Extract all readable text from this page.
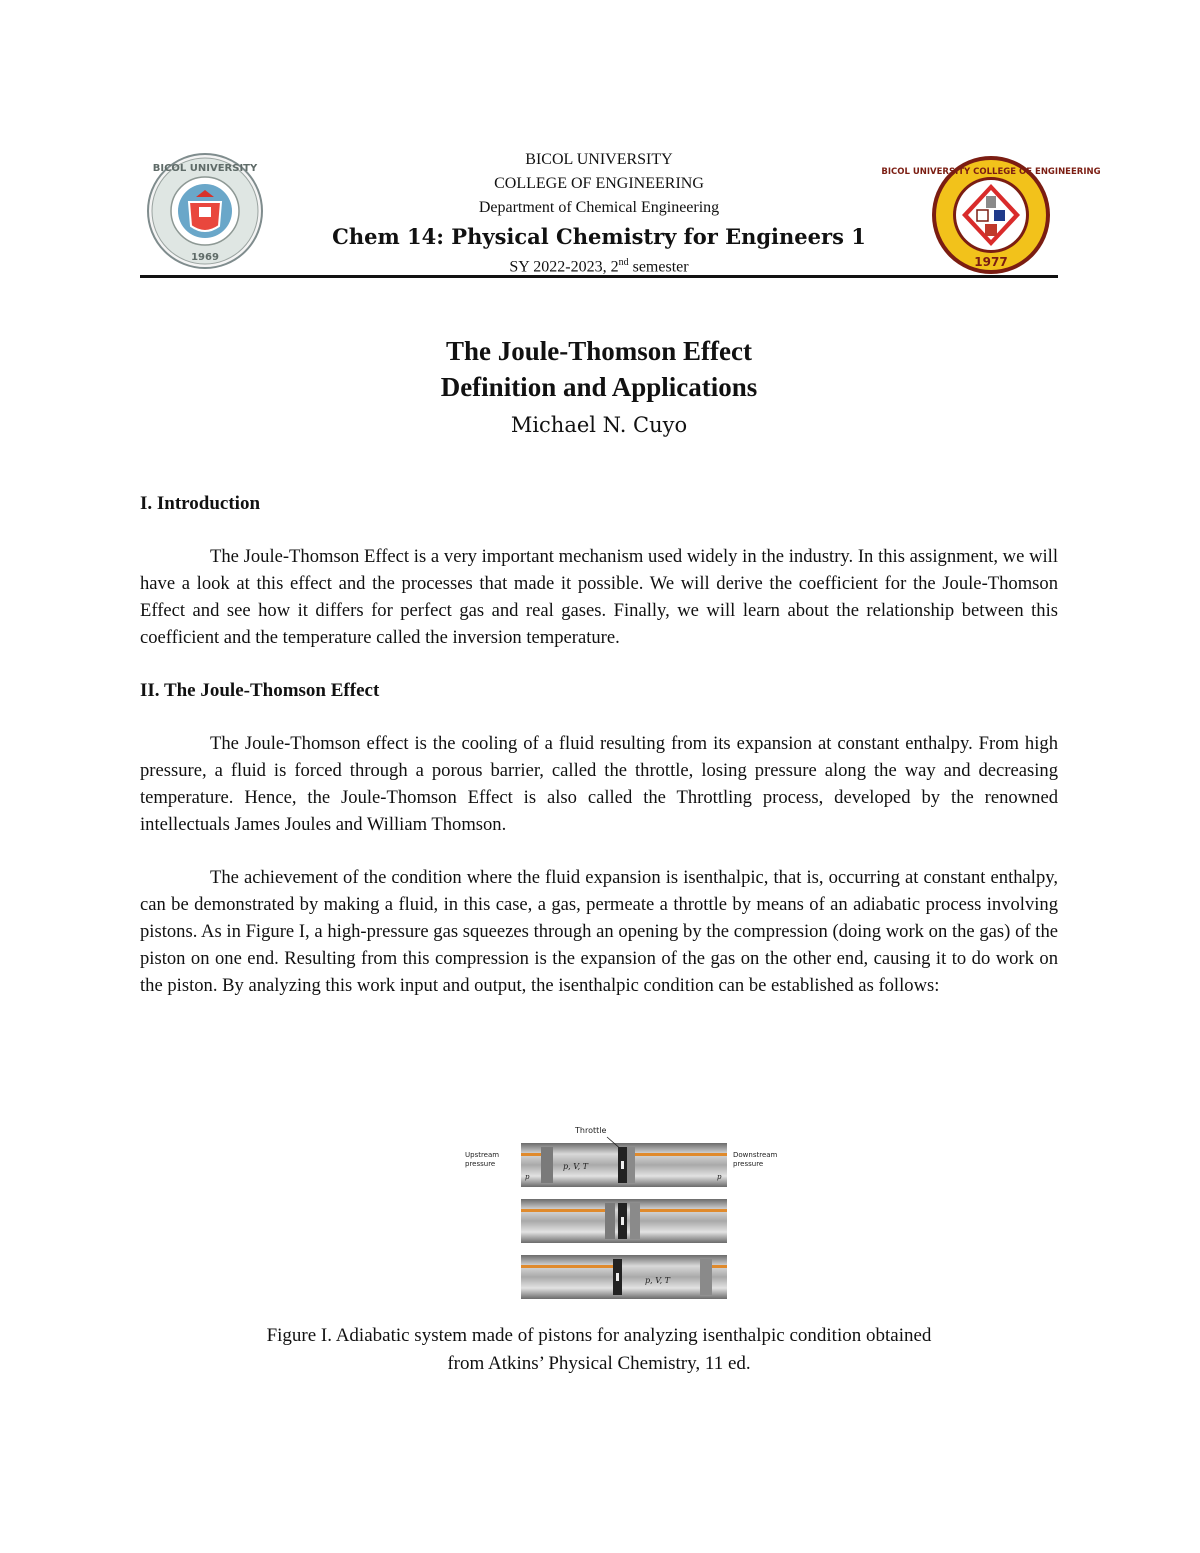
BICOL UNIVERSITY
1969

BICOL UNIVERSITY

COLLEGE OF ENGINEERING

Department of Chemical Engineering

Chem 14: Physical Chemistry for Engineers 1

SY 2022-2023, 2nd semester

BICOL UNIVERSITY COLLEGE OF ENGINEERING
1977

The Joule-Thomson Effect

Definition and Applications

Michael N. Cuyo

I. Introduction

The Joule-Thomson Effect is a very important mechanism used widely in the industry. In this assignment, we will have a look at this effect and the processes that made it possible. We will derive the coefficient for the Joule-Thomson Effect and see how it differs for perfect gas and real gases. Finally, we will learn about the relationship between this coefficient and the temperature called the inversion temperature.

II. The Joule-Thomson Effect

The Joule-Thomson effect is the cooling of a fluid resulting from its expansion at constant enthalpy. From high pressure, a fluid is forced through a porous barrier, called the throttle, losing pressure along the way and decreasing temperature. Hence, the Joule-Thomson Effect is also called the Throttling process, developed by the renowned intellectuals James Joules and William Thomson.

The achievement of the condition where the fluid expansion is isenthalpic, that is, occurring at constant enthalpy, can be demonstrated by making a fluid, in this case, a gas, permeate a throttle by means of an adiabatic process involving pistons. As in Figure I, a high-pressure gas squeezes through an opening by the compression (doing work on the gas) of the piston on one end. Resulting from this compression is the expansion of the gas on the other end, causing it to do work on the piston. By analyzing this work input and output, the isenthalpic condition can be established as follows:

Throttle
Upstream
pressure
Downstream
pressure
p, V, T
p	p
p, V, T
Figure I. Adiabatic system made of pistons for analyzing isenthalpic condition obtained
from Atkins’ Physical Chemistry, 11 ed.
